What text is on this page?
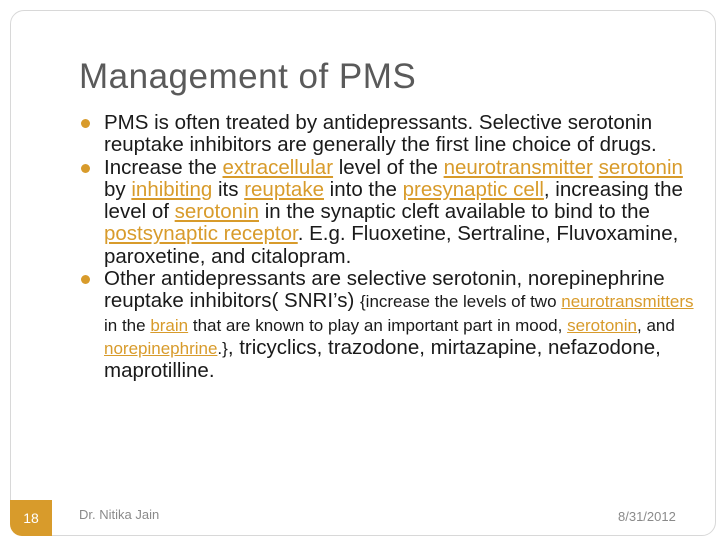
Management of PMS
PMS is often treated by antidepressants. Selective serotonin reuptake inhibitors are generally the first line choice of drugs.
Increase the extracellular level of the neurotransmitter serotonin by inhibiting its reuptake into the presynaptic cell, increasing the level of serotonin in the synaptic cleft available to bind to the postsynaptic receptor. E.g. Fluoxetine, Sertraline, Fluvoxamine, paroxetine, and citalopram.
Other antidepressants are selective serotonin, norepinephrine reuptake inhibitors( SNRI’s) {increase the levels of two neurotransmitters in the brain that are known to play an important part in mood, serotonin, and norepinephrine.}, tricyclics, trazodone, mirtazapine, nefazodone, maprotilline.
18	Dr. Nitika Jain	8/31/2012
